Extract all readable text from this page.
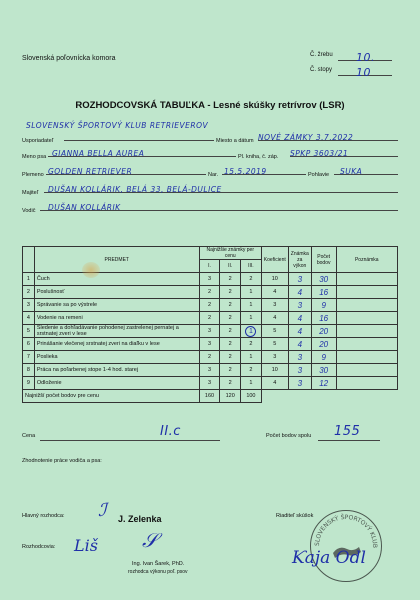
Slovenská poľovnícka komora
Č. žrebu	10.
Č. stopy	10
ROZHODCOVSKÁ TABUĽKA - Lesné skúšky retrívrov (LSR)
SLOVENSKÝ ŠPORTOVÝ KLUB RETRIEVEROV
Usporiadateľ	Miesto a dátum NOVÉ ZÁMKY 3.7.2022
Meno psa GIANNA BELLA AUREA	Pl. kniha, č. záp. SPKP 3603/21
Plemeno GOLDEN RETRIEVER	Nar. 15.5.2019	Pohlavie SUKA
Majiteľ DUŠAN KOLLÁRIK, BELÁ 33, BELÁ-DULICE
Vodič DUŠAN KOLLÁRIK
	PREDMET	Najnižšie známky per cenu			Koeficient	Známka za výkon	Počet bodov	Poznámka
		I.	II.	III.				
1	Čuch	3	2	2	10	3	30	
2	Poslušnosť	2	2	1	4	4	16	
3	Správanie sa po výstrele	2	2	1	3	3	9	
4	Vodenie na remeni	2	2	1	4	4	16	
5	Sledenie a dohľadávanie pohodenej zastrelenej pernatej a srstnatej zveri v lese	3	2	1	5	4	20	
6	Prinášanie vlečenej srstnatej zveri na diaľku v lese	3	2	2	5	4	20	
7	Poslieka	2	2	1	3	3	9	
8	Práca na poľarbenej stope 1-4 hod. starej	3	2	2	10	3	30	
9	Odloženie	3	2	1	4	3	12	
Najnižší počet bodov pre cenu		160	120	100				
Cena	II.c	Počet bodov spolu 155
Zhodnotenie práce vodiča a psa:
Hlavný rozhodca:	J. Zelenka
ℐ
Rozhodcovia: Liš 𝒮
Ing. Ivan Šarek, PhD.
rozhodca výkonu poľ. psov
Riaditeľ skúšok
SLOVENSKÝ ŠPORTOVÝ KLUB
Ƙaja Odl
